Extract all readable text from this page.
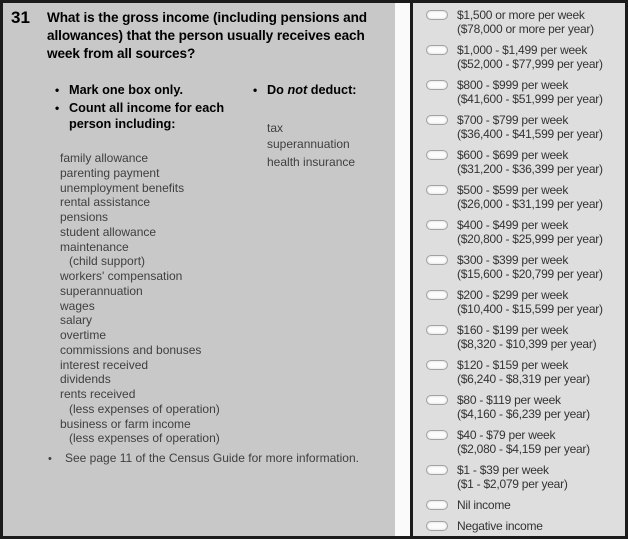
31	What is the gross income (including pensions and allowances) that the person usually receives each week from all sources?
• Mark one box only.
• Count all income for each person including:
• Do not deduct:
tax
superannuation
health insurance
family allowance
parenting payment
unemployment benefits
rental assistance
pensions
student allowance
maintenance
(child support)
workers' compensation
superannuation
wages
salary
overtime
commissions and bonuses
interest received
dividends
rents received
(less expenses of operation)
business or farm income
(less expenses of operation)
•	See page 11 of the Census Guide for more information.
$1,500 or more per week
($78,000 or more per year)
$1,000 - $1,499 per week
($52,000 - $77,999 per year)
$800 - $999 per week
($41,600 - $51,999 per year)
$700 - $799 per week
($36,400 - $41,599 per year)
$600 - $699 per week
($31,200 - $36,399 per year)
$500 - $599 per week
($26,000 - $31,199 per year)
$400 - $499 per week
($20,800 - $25,999 per year)
$300 - $399 per week
($15,600 - $20,799 per year)
$200 - $299 per week
($10,400 - $15,599 per year)
$160 - $199 per week
($8,320 - $10,399 per year)
$120 - $159 per week
($6,240 - $8,319 per year)
$80 - $119 per week
($4,160 - $6,239 per year)
$40 - $79 per week
($2,080 - $4,159 per year)
$1 - $39 per week
($1 - $2,079 per year)
Nil income
Negative income
